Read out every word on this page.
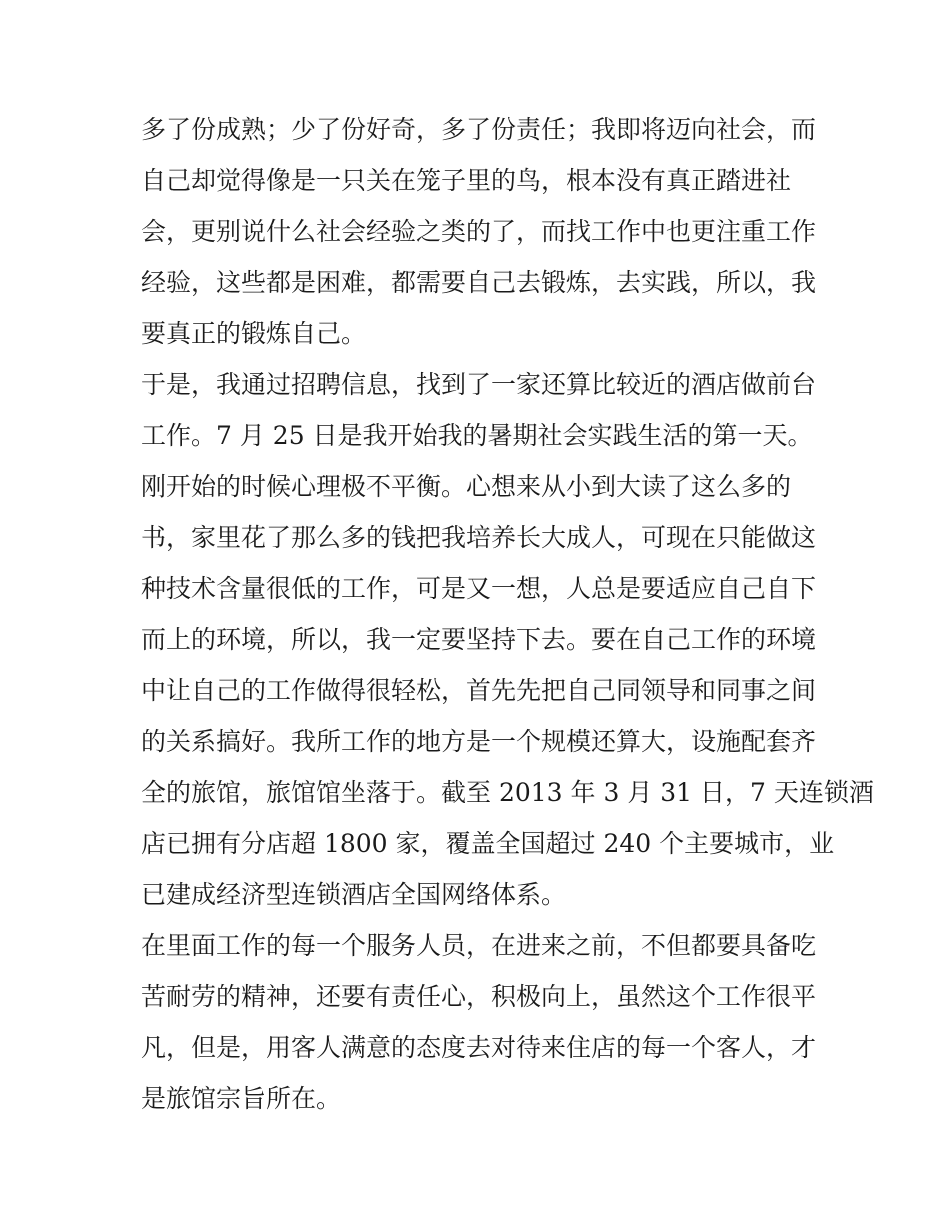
多了份成熟；少了份好奇，多了份责任；我即将迈向社会，而
自己却觉得像是一只关在笼子里的鸟，根本没有真正踏进社
会，更别说什么社会经验之类的了，而找工作中也更注重工作
经验，这些都是困难，都需要自己去锻炼，去实践，所以，我
要真正的锻炼自己。
于是，我通过招聘信息，找到了一家还算比较近的酒店做前台
工作。7 月 25 日是我开始我的暑期社会实践生活的第一天。
刚开始的时候心理极不平衡。心想来从小到大读了这么多的
书，家里花了那么多的钱把我培养长大成人，可现在只能做这
种技术含量很低的工作，可是又一想，人总是要适应自己自下
而上的环境，所以，我一定要坚持下去。要在自己工作的环境
中让自己的工作做得很轻松，首先先把自己同领导和同事之间
的关系搞好。我所工作的地方是一个规模还算大，设施配套齐
全的旅馆，旅馆馆坐落于。截至 2013 年 3 月 31 日，7 天连锁酒
店已拥有分店超 1800 家，覆盖全国超过 240 个主要城市，业
已建成经济型连锁酒店全国网络体系。
在里面工作的每一个服务人员，在进来之前，不但都要具备吃
苦耐劳的精神，还要有责任心，积极向上，虽然这个工作很平
凡，但是，用客人满意的态度去对待来住店的每一个客人，才
是旅馆宗旨所在。
